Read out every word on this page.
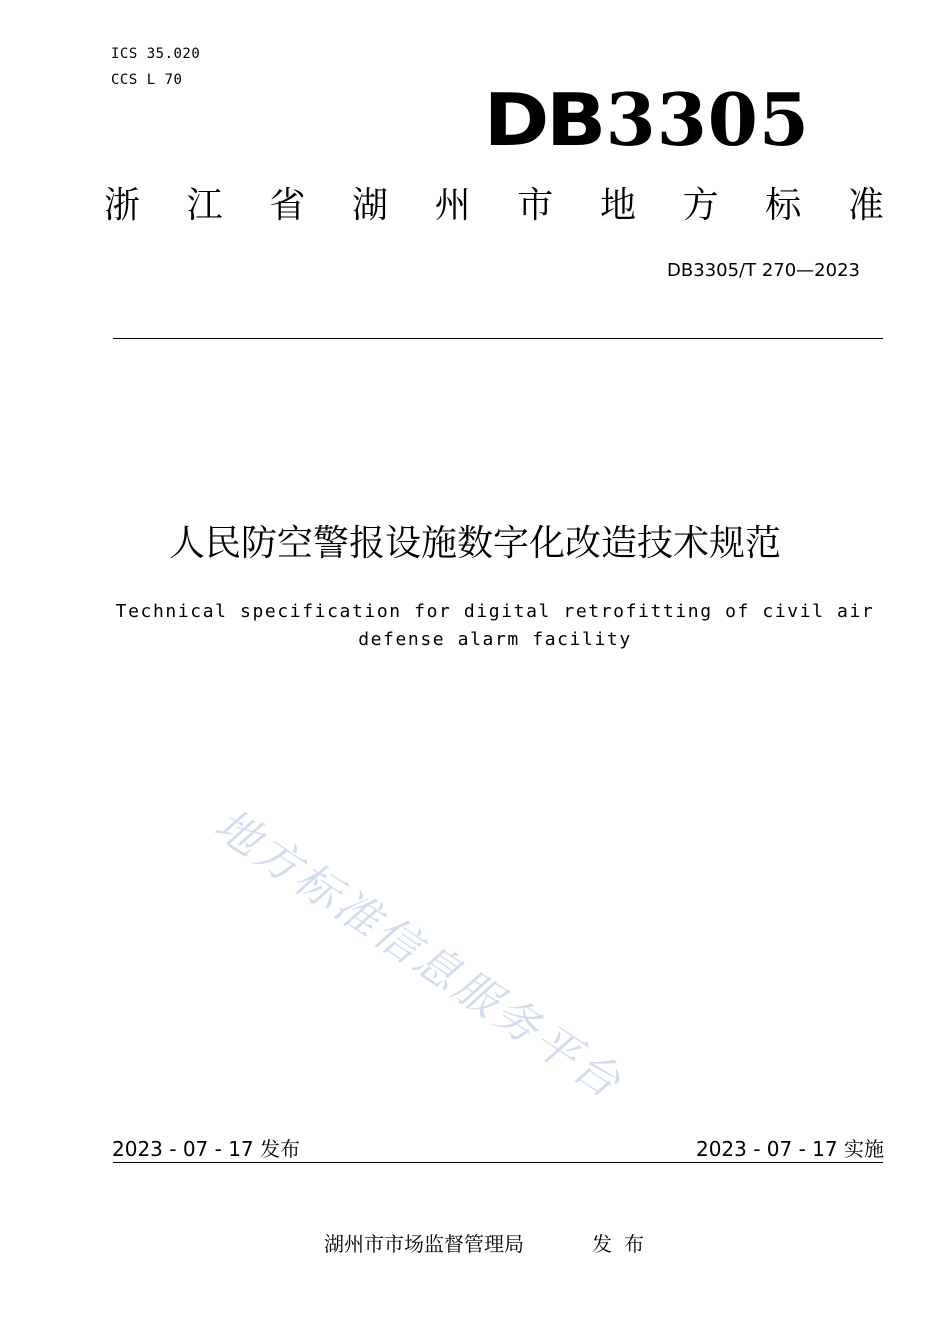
ICS 35.020
CCS L 70	DB3305
浙 江 省 湖 州 市 地 方 标 准
DB3305/T 270—2023
人民防空警报设施数字化改造技术规范
Technical specification for digital retrofitting of civil air defense alarm facility
地方标准信息服务平台
2023 - 07 - 17 发布	2023 - 07 - 17 实施
湖州市市场监督管理局	发布
